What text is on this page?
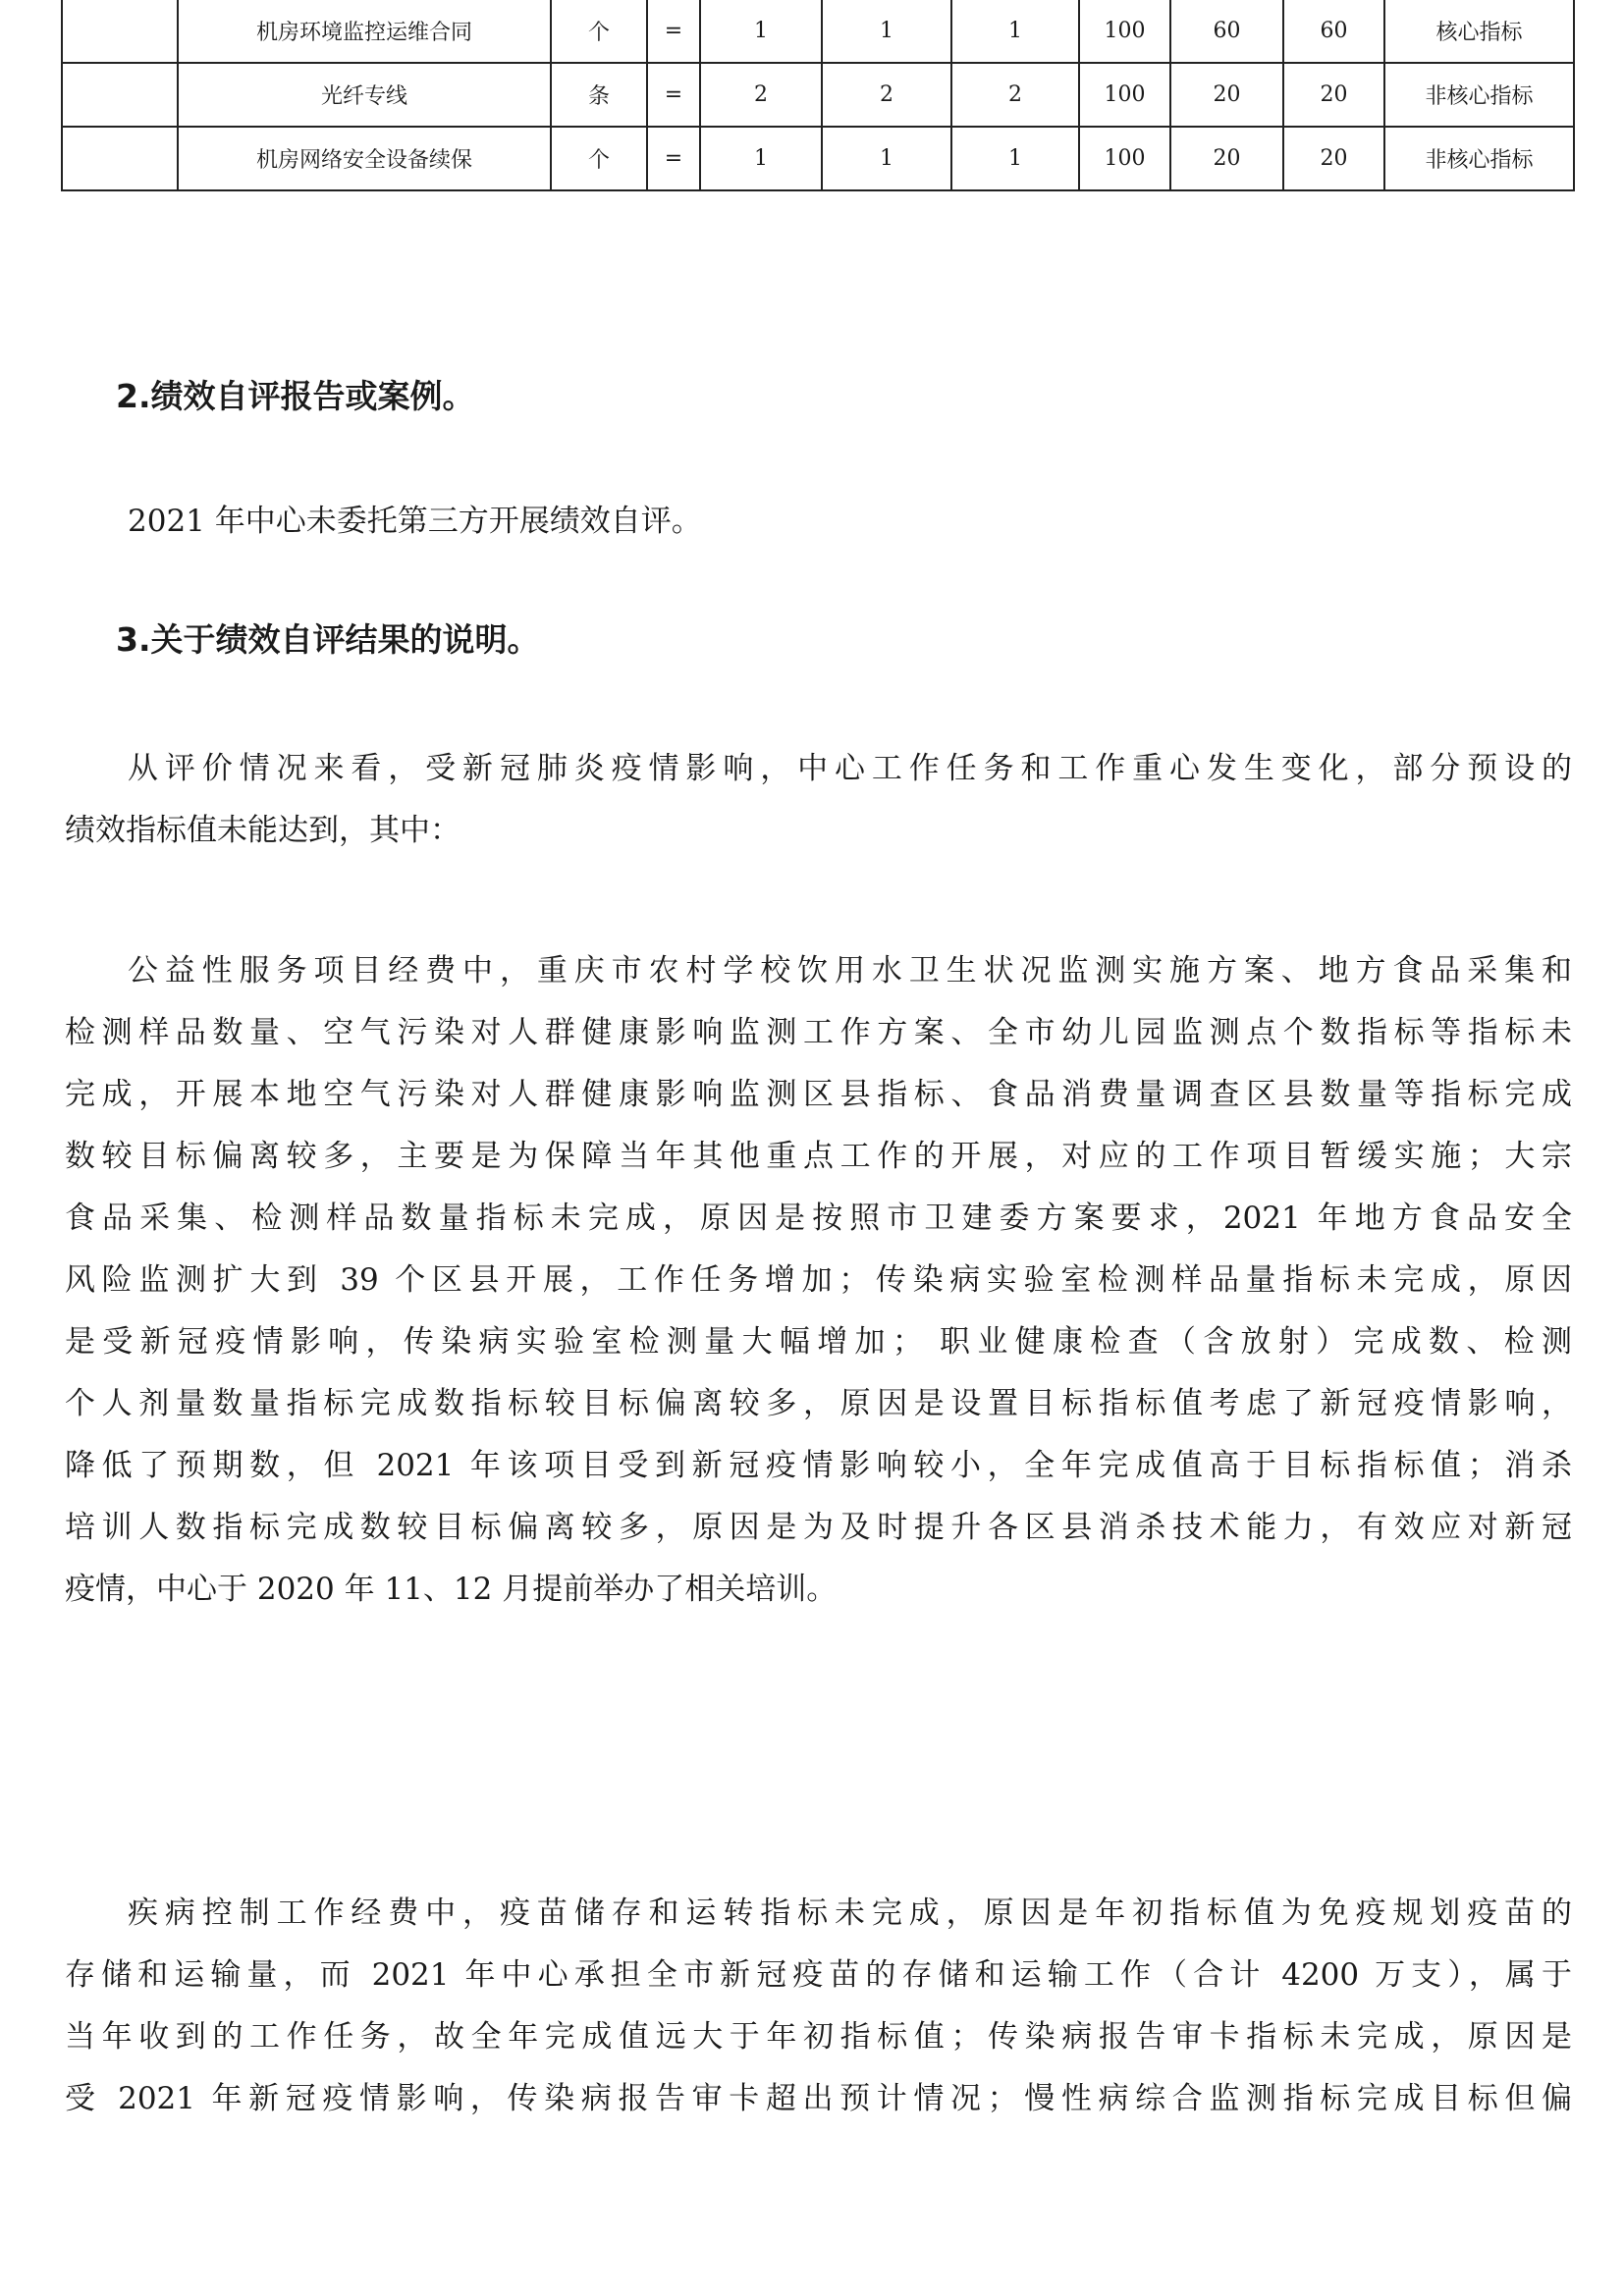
	机房环境监控运维合同	个	=	1	1	1	100	60	60	核心指标
	光纤专线	条	=	2	2	2	100	20	20	非核心指标
	机房网络安全设备续保	个	=	1	1	1	100	20	20	非核心指标
2.绩效自评报告或案例。
2021 年中心未委托第三方开展绩效自评。
3.关于绩效自评结果的说明。
从评价情况来看，受新冠肺炎疫情影响，中心工作任务和工作重心发生变化，部分预设的
绩效指标值未能达到，其中：
公益性服务项目经费中，重庆市农村学校饮用水卫生状况监测实施方案、地方食品采集和
检测样品数量、空气污染对人群健康影响监测工作方案、全市幼儿园监测点个数指标等指标未
完成，开展本地空气污染对人群健康影响监测区县指标、食品消费量调查区县数量等指标完成
数较目标偏离较多，主要是为保障当年其他重点工作的开展，对应的工作项目暂缓实施；大宗
食品采集、检测样品数量指标未完成，原因是按照市卫建委方案要求，2021 年地方食品安全
风险监测扩大到 39 个区县开展，工作任务增加；传染病实验室检测样品量指标未完成，原因
是受新冠疫情影响，传染病实验室检测量大幅增加； 职业健康检查（含放射）完成数、检测
个人剂量数量指标完成数指标较目标偏离较多，原因是设置目标指标值考虑了新冠疫情影响，
降低了预期数，但 2021 年该项目受到新冠疫情影响较小，全年完成值高于目标指标值；消杀
培训人数指标完成数较目标偏离较多，原因是为及时提升各区县消杀技术能力，有效应对新冠
疫情，中心于 2020 年 11、12 月提前举办了相关培训。
疾病控制工作经费中，疫苗储存和运转指标未完成，原因是年初指标值为免疫规划疫苗的
存储和运输量，而 2021 年中心承担全市新冠疫苗的存储和运输工作（合计 4200 万支），属于
当年收到的工作任务，故全年完成值远大于年初指标值；传染病报告审卡指标未完成，原因是
受 2021 年新冠疫情影响，传染病报告审卡超出预计情况；慢性病综合监测指标完成目标但偏
